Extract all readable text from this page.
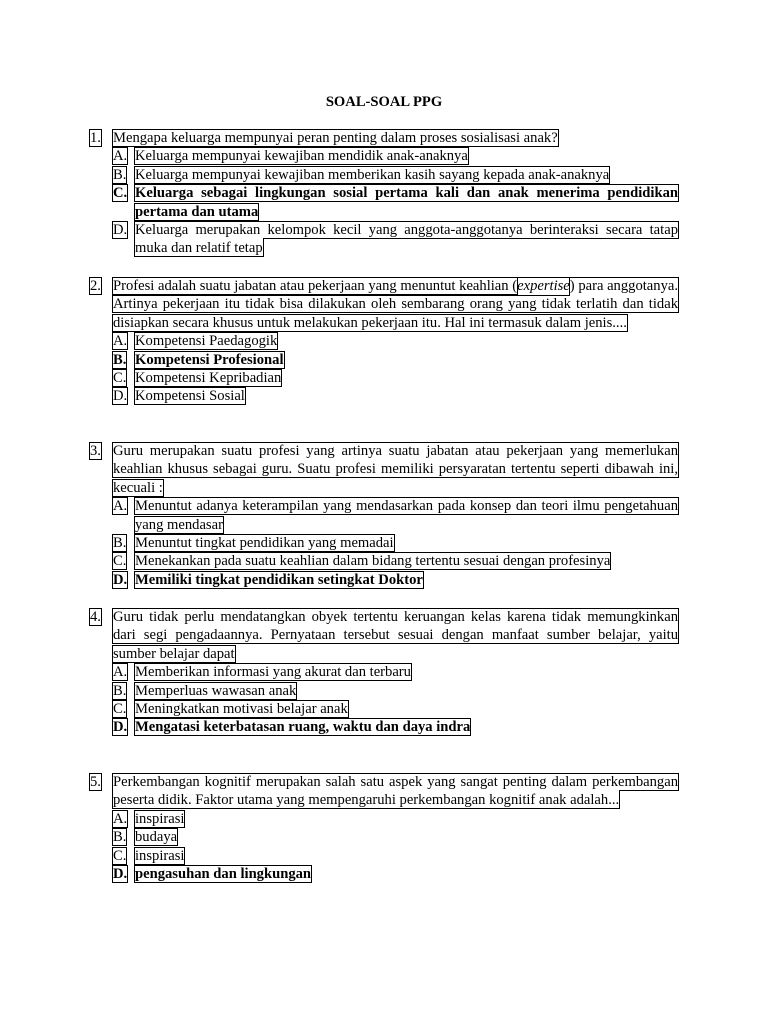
SOAL-SOAL PPG
1. Mengapa keluarga mempunyai peran penting dalam proses sosialisasi anak?
A. Keluarga mempunyai kewajiban mendidik anak-anaknya
B. Keluarga mempunyai kewajiban memberikan kasih sayang kepada anak-anaknya
C. Keluarga sebagai lingkungan sosial pertama kali dan anak menerima pendidikan pertama dan utama
D. Keluarga merupakan kelompok kecil yang anggota-anggotanya berinteraksi secara tatap muka dan relatif tetap
2. Profesi adalah suatu jabatan atau pekerjaan yang menuntut keahlian (expertise) para anggotanya. Artinya pekerjaan itu tidak bisa dilakukan oleh sembarang orang yang tidak terlatih dan tidak disiapkan secara khusus untuk melakukan pekerjaan itu. Hal ini termasuk dalam jenis....
A. Kompetensi Paedagogik
B. Kompetensi Profesional
C. Kompetensi Kepribadian
D. Kompetensi Sosial
3. Guru merupakan suatu profesi yang artinya suatu jabatan atau pekerjaan yang memerlukan keahlian khusus sebagai guru. Suatu profesi memiliki persyaratan tertentu seperti dibawah ini, kecuali :
A. Menuntut adanya keterampilan yang mendasarkan pada konsep dan teori ilmu pengetahuan yang mendasar
B. Menuntut tingkat pendidikan yang memadai
C. Menekankan pada suatu keahlian dalam bidang tertentu sesuai dengan profesinya
D. Memiliki tingkat pendidikan setingkat Doktor
4. Guru tidak perlu mendatangkan obyek tertentu keruangan kelas karena tidak memungkinkan dari segi pengadaannya. Pernyataan tersebut sesuai dengan manfaat sumber belajar, yaitu sumber belajar dapat
A. Memberikan informasi yang akurat dan terbaru
B. Memperluas wawasan anak
C. Meningkatkan motivasi belajar anak
D. Mengatasi keterbatasan ruang, waktu dan daya indra
5. Perkembangan kognitif merupakan salah satu aspek yang sangat penting dalam perkembangan peserta didik. Faktor utama yang mempengaruhi perkembangan kognitif anak adalah...
A. inspirasi
B. budaya
C. inspirasi
D. pengasuhan dan lingkungan
